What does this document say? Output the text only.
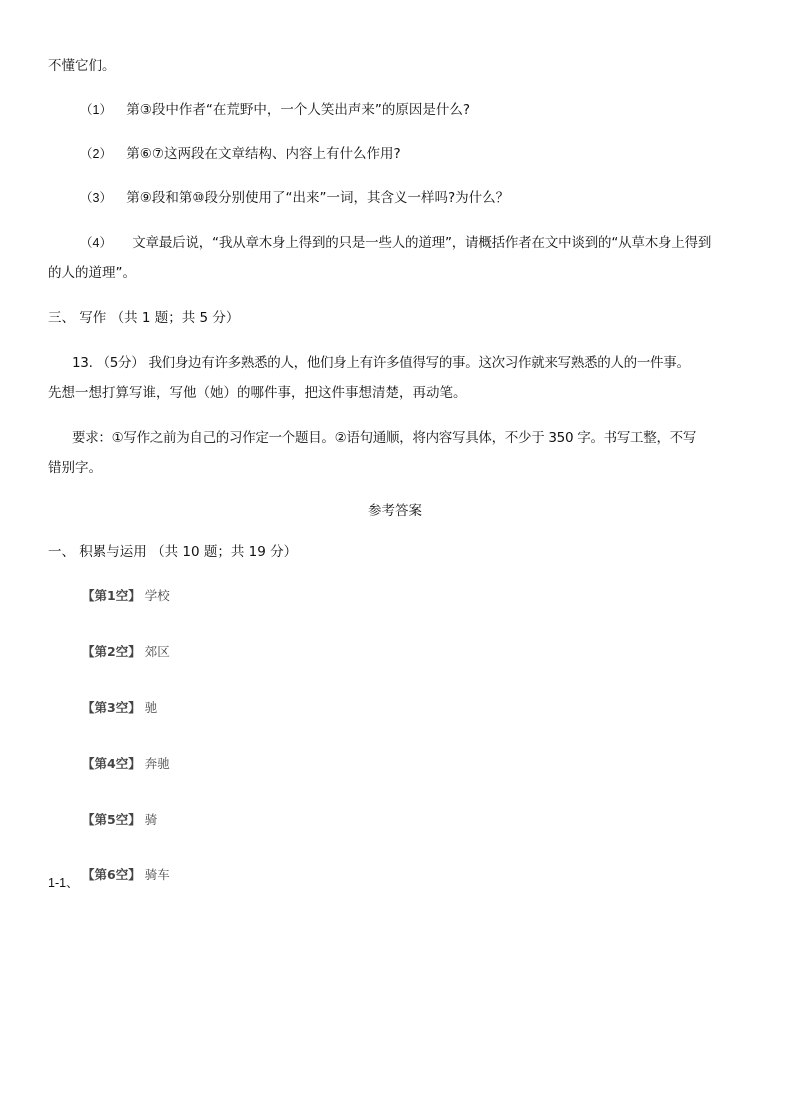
不懂它们。
（1） 第③段中作者“在荒野中，一个人笑出声来”的原因是什么?
（2） 第⑥⑦这两段在文章结构、内容上有什么作用?
（3） 第⑨段和第⑩段分别使用了“出来”一词，其含义一样吗?为什么？
（4） 文章最后说，“我从章木身上得到的只是一些人的道理”，请概括作者在文中谈到的“从草木身上得到
的人的道理”。
三、 写作 （共 1 题；共 5 分）
13. （5分） 我们身边有许多熟悉的人，他们身上有许多值得写的事。这次习作就来写熟悉的人的一件事。
先想一想打算写谁，写他（她）的哪件事，把这件事想清楚，再动笔。
要求：①写作之前为自己的习作定一个题目。②语句通顺，将内容写具体，不少于 350 字。书写工整，不写
错别字。
参考答案
一、 积累与运用 （共 10 题；共 19 分）
【第1空】 学校
【第2空】 郊区
【第3空】 驰
【第4空】 奔驰
【第5空】 骑
1-1、
【第6空】 骑车
